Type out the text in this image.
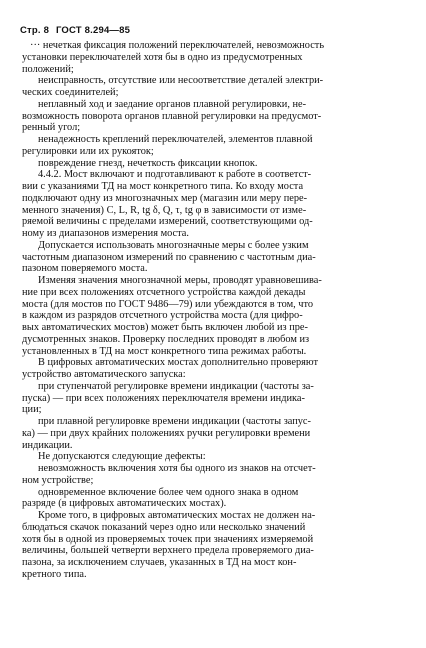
Стр. 8 ГОСТ 8.294—85
··· нечеткая фиксация положений переключателей, невозможность
установки переключателей хотя бы в одно из предусмотренных
положений;
неисправность, отсутствие или несоответствие деталей электри-
ческих соединителей;
неплавный ход и заедание органов плавной регулировки, не-
возможность поворота органов плавной регулировки на предусмот-
ренный угол;
ненадежность креплений переключателей, элементов плавной
регулировки или их рукояток;
повреждение гнезд, нечеткость фиксации кнопок.
4.4.2. Мост включают и подготавливают к работе в соответст-
вии с указаниями ТД на мост конкретного типа. Ко входу моста
подключают одну из многозначных мер (магазин или меру пере-
менного значения) C, L, R, tg δ, Q, τ, tg φ в зависимости от изме-
ряемой величины с пределами измерений, соответствующими од-
ному из диапазонов измерения моста.
Допускается использовать многозначные меры с более узким
частотным диапазоном измерений по сравнению с частотным диа-
пазоном поверяемого моста.
Изменяя значения многозначной меры, проводят уравновешива-
ние при всех положениях отсчетного устройства каждой декады
моста (для мостов по ГОСТ 9486—79) или убеждаются в том, что
в каждом из разрядов отсчетного устройства моста (для цифро-
вых автоматических мостов) может быть включен любой из пре-
дусмотренных знаков. Проверку последних проводят в любом из
установленных в ТД на мост конкретного типа режимах работы.
В цифровых автоматических мостах дополнительно проверяют
устройство автоматического запуска:
при ступенчатой регулировке времени индикации (частоты за-
пуска) — при всех положениях переключателя времени индика-
ции;
при плавной регулировке времени индикации (частоты запус-
ка) — при двух крайних положениях ручки регулировки времени
индикации.
Не допускаются следующие дефекты:
невозможность включения хотя бы одного из знаков на отсчет-
ном устройстве;
одновременное включение более чем одного знака в одном
разряде (в цифровых автоматических мостах).
Кроме того, в цифровых автоматических мостах не должен на-
блюдаться скачок показаний через одно или несколько значений
хотя бы в одной из проверяемых точек при значениях измеряемой
величины, большей четверти верхнего предела проверяемого диа-
пазона, за исключением случаев, указанных в ТД на мост кон-
кретного типа.
